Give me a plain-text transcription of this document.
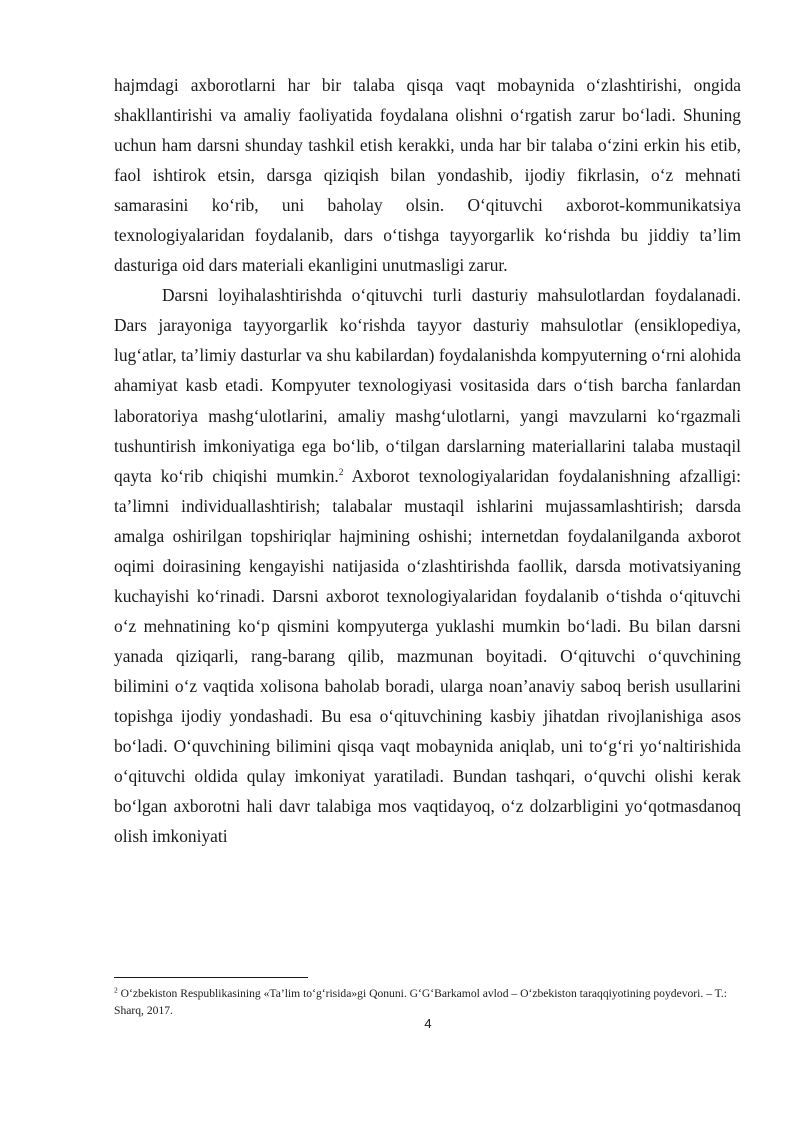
hajmdagi axborotlarni har bir talaba qisqa vaqt mobaynida o‘zlashtirishi, ongida shakllantirishi va amaliy faoliyatida foydalana olishni o‘rgatish zarur bo‘ladi. Shuning uchun ham darsni shunday tashkil etish kerakki, unda har bir talaba o‘zini erkin his etib, faol ishtirok etsin, darsga qiziqish bilan yondashib, ijodiy fikrlasin, o‘z mehnati samarasini ko‘rib, uni baholay olsin. O‘qituvchi axborot-kommunikatsiya texnologiyalaridan foydalanib, dars o‘tishga tayyorgarlik ko‘rishda bu jiddiy ta’lim dasturiga oid dars materiali ekanligini unutmasligi zarur.

Darsni loyihalashtirishda o‘qituvchi turli dasturiy mahsulotlardan foydalanadi. Dars jarayoniga tayyorgarlik ko‘rishda tayyor dasturiy mahsulotlar (ensiklopediya, lug‘atlar, ta’limiy dasturlar va shu kabilardan) foydalanishda kompyuterning o‘rni alohida ahamiyat kasb etadi. Kompyuter texnologiyasi vositasida dars o‘tish barcha fanlardan laboratoriya mashg‘ulotlarini, amaliy mashg‘ulotlarni, yangi mavzularni ko‘rgazmali tushuntirish imkoniyatiga ega bo‘lib, o‘tilgan darslarning materiallarini talaba mustaqil qayta ko‘rib chiqishi mumkin.$^2$ Axborot texnologiyalaridan foydalanishning afzalligi: ta’limni individuallashtirish; talabalar mustaqil ishlarini mujassamlashtirish; darsda amalga oshirilgan topshiriqlar hajmining oshishi; internetdan foydalanilganda axborot oqimi doirasining kengayishi natijasida o‘zlashtirishda faollik, darsda motivatsiyaning kuchayishi ko‘rinadi. Darsni axborot texnologiyalaridan foydalanib o‘tishda o‘qituvchi o‘z mehnatining ko‘p qismini kompyuterga yuklashi mumkin bo‘ladi. Bu bilan darsni yanada qiziqarli, rang-barang qilib, mazmunan boyitadi. O‘qituvchi o‘quvchining bilimini o‘z vaqtida xolisona baholab boradi, ularga noan’anaviy saboq berish usullarini topishga ijodiy yondashadi. Bu esa o‘qituvchining kasbiy jihatdan rivojlanishiga asos bo‘ladi. O‘quvchining bilimini qisqa vaqt mobaynida aniqlab, uni to‘g‘ri yo‘naltirishida o‘qituvchi oldida qulay imkoniyat yaratiladi. Bundan tashqari, o‘quvchi olishi kerak bo‘lgan axborotni hali davr talabiga mos vaqtidayoq, o‘z dolzarbligini yo‘qotmasdanoq olish imkoniyati

$^2$ O‘zbekiston Respublikasining «Ta’lim to‘g‘risida»gi Qonuni. G‘G‘Barkamol avlod – O‘zbekiston taraqqiyotining poydevori. – T.: Sharq, 2017.
4
